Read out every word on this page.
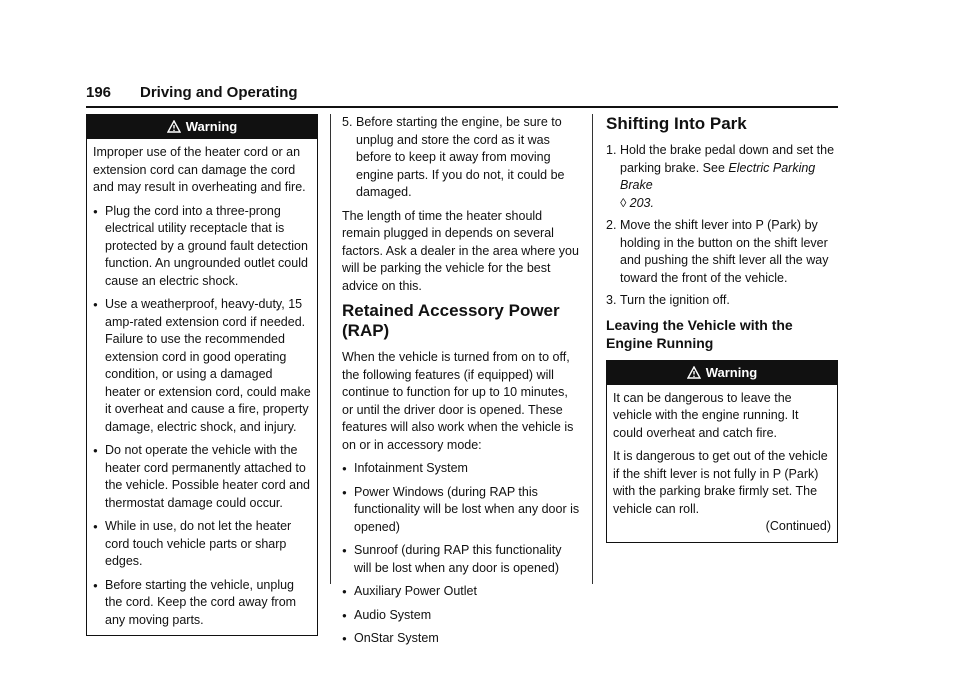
196 Driving and Operating
Warning

Improper use of the heater cord or an extension cord can damage the cord and may result in overheating and fire.

● Plug the cord into a three-prong electrical utility receptacle that is protected by a ground fault detection function. An ungrounded outlet could cause an electric shock.
● Use a weatherproof, heavy-duty, 15 amp-rated extension cord if needed. Failure to use the recommended extension cord in good operating condition, or using a damaged heater or extension cord, could make it overheat and cause a fire, property damage, electric shock, and injury.
● Do not operate the vehicle with the heater cord permanently attached to the vehicle. Possible heater cord and thermostat damage could occur.
● While in use, do not let the heater cord touch vehicle parts or sharp edges.
● Before starting the vehicle, unplug the cord. Keep the cord away from any moving parts.
5. Before starting the engine, be sure to unplug and store the cord as it was before to keep it away from moving engine parts. If you do not, it could be damaged.

The length of time the heater should remain plugged in depends on several factors. Ask a dealer in the area where you will be parking the vehicle for the best advice on this.

Retained Accessory Power (RAP)

When the vehicle is turned from on to off, the following features (if equipped) will continue to function for up to 10 minutes, or until the driver door is opened. These features will also work when the vehicle is on or in accessory mode:

● Infotainment System
● Power Windows (during RAP this functionality will be lost when any door is opened)
● Sunroof (during RAP this functionality will be lost when any door is opened)
● Auxiliary Power Outlet
● Audio System
● OnStar System
Shifting Into Park
1. Hold the brake pedal down and set the parking brake. See Electric Parking Brake
◊ 203.
2. Move the shift lever into P (Park) by holding in the button on the shift lever and pushing the shift lever all the way toward the front of the vehicle.
3. Turn the ignition off.
Leaving the Vehicle with the Engine Running
Warning

It can be dangerous to leave the vehicle with the engine running. It could overheat and catch fire.

It is dangerous to get out of the vehicle if the shift lever is not fully in P (Park) with the parking brake firmly set. The vehicle can roll.

(Continued)
